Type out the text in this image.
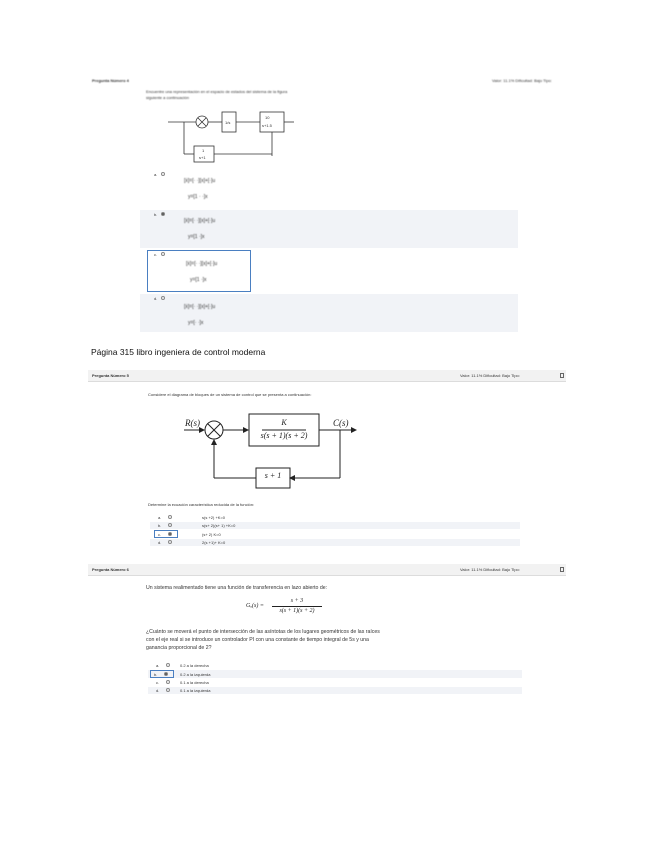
Pregunta Número 4	Valor: 11.1% Dificultad: Bajo Tipo:
Encuentre una representación en el espacio de estados del sistema de la figura
siguiente a continuación
1/s
10
s+1.5
1
s+1
a.
[ẋ]=[· ·][x]+[·]u
y=[1 · ·]x
b.
[ẋ]=[· ·][x]+[·]u
y=[1 ·]x
c.
[ẋ]=[· ·][x]+[·]u
y=[1 ·]x
d.
[ẋ]=[· ·][x]+[·]u
y=[· ·]x
Página 315 libro ingeniera de control moderna
Pregunta Número 5	Valor: 11.1% Dificultad: Bajo Tipo:
Considere el diagrama de bloques de un sistema de control que se presenta a continuación:
R(s)	C(s)
K
s(s + 1)(s + 2)
s + 1
Determine la ecuación característica reducida de la función:
a.	s(s +2) +K=0
b.	s(s+ 2)(s+ 1) +K=0
c.	(s+ 2) K=0
d.	2(s +1)+ K=0
Pregunta Número 6	Valor: 11.1% Dificultad: Bajo Tipo:
Un sistema realimentado tiene una función de transferencia en lazo abierto de:
Gₒ(s) =
s + 3
s(s + 1)(s + 2)
¿Cuánto se moverá el punto de intersección de las asíntotas de los lugares geométricos de las raíces
con el eje real si se introduce un controlador PI con una constante de tiempo integral de 5s y una
ganancia proporcional de 2?
a.	0.2 a la derecha
b.	0.2 a la izquierda
c.	0.1 a la derecha
d.	0.1 a la izquierda
